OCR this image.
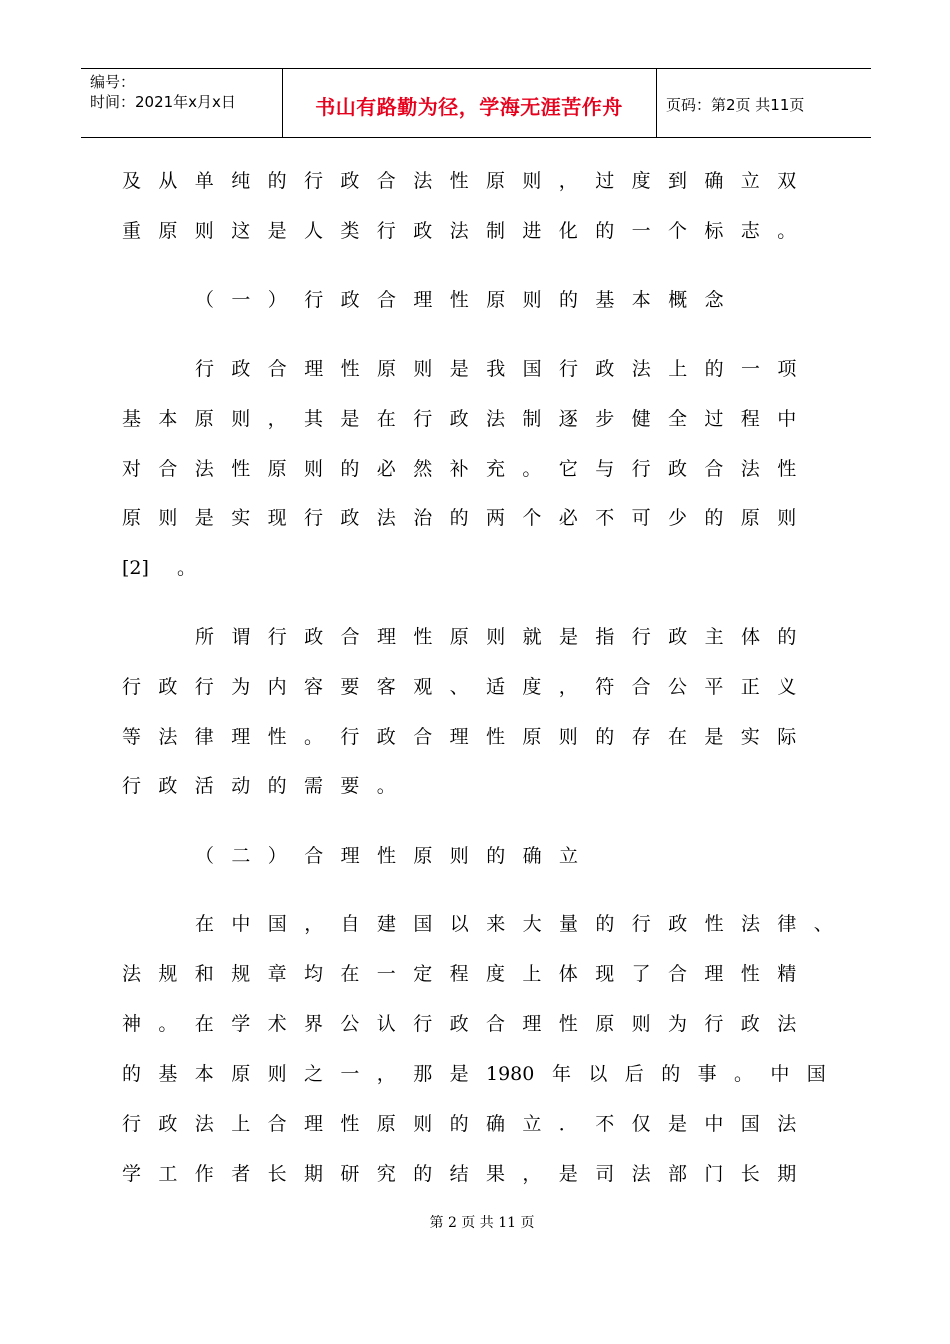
编号：
时间：2021年x月x日	书山有路勤为径，学海无涯苦作舟	页码：第2页 共11页
及 从 单 纯 的 行 政 合 法 性 原 则 ， 过 度 到 确 立 双
重 原 则 这 是 人 类 行 政 法 制 进 化 的 一 个 标 志 。
（ 一 ） 行 政 合 理 性 原 则 的 基 本 概 念
行 政 合 理 性 原 则 是 我 国 行 政 法 上 的 一 项
基 本 原 则 ， 其 是 在 行 政 法 制 逐 步 健 全 过 程 中
对 合 法 性 原 则 的 必 然 补 充 。 它 与 行 政 合 法 性
原 则 是 实 现 行 政 法 治 的 两 个 必 不 可 少 的 原 则
[2] 。
所 谓 行 政 合 理 性 原 则 就 是 指 行 政 主 体 的
行 政 行 为 内 容 要 客 观 、 适 度 ， 符 合 公 平 正 义
等 法 律 理 性 。 行 政 合 理 性 原 则 的 存 在 是 实 际
行 政 活 动 的 需 要 。
（ 二 ） 合 理 性 原 则 的 确 立
在 中 国 ， 自 建 国 以 来 大 量 的 行 政 性 法 律 、
法 规 和 规 章 均 在 一 定 程 度 上 体 现 了 合 理 性 精
神 。 在 学 术 界 公 认 行 政 合 理 性 原 则 为 行 政 法
的 基 本 原 则 之 一 ， 那 是 1980 年 以 后 的 事 。 中 国
行 政 法 上 合 理 性 原 则 的 确 立 ． 不 仅 是 中 国 法
学 工 作 者 长 期 研 究 的 结 果 ， 是 司 法 部 门 长 期
第 2 页 共 11 页
